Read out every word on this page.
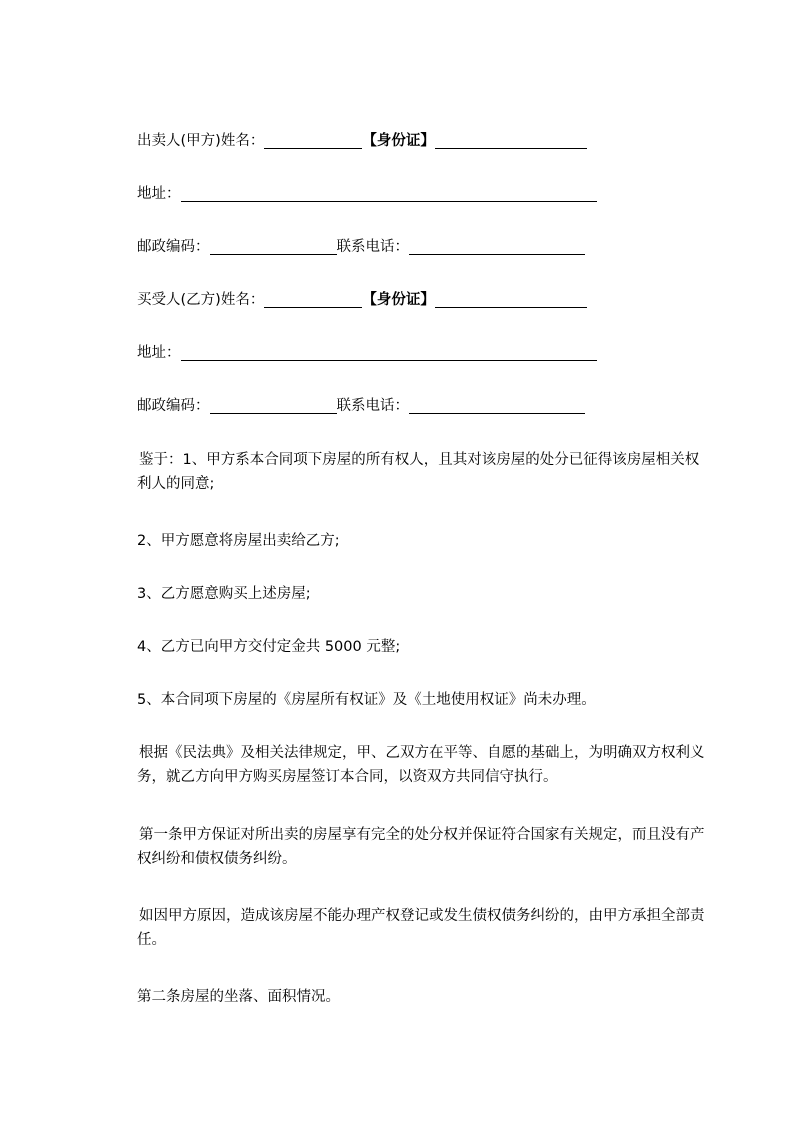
出卖人(甲方)姓名：	【身份证】
地址：
邮政编码：	联系电话：
买受人(乙方)姓名：	【身份证】
地址：
邮政编码：	联系电话：
鉴于：1、甲方系本合同项下房屋的所有权人，且其对该房屋的处分已征得该房屋相关权利人的同意;
2、甲方愿意将房屋出卖给乙方;
3、乙方愿意购买上述房屋;
4、乙方已向甲方交付定金共 5000 元整;
5、本合同项下房屋的《房屋所有权证》及《土地使用权证》尚未办理。
根据《民法典》及相关法律规定，甲、乙双方在平等、自愿的基础上，为明确双方权利义务，就乙方向甲方购买房屋签订本合同，以资双方共同信守执行。
第一条甲方保证对所出卖的房屋享有完全的处分权并保证符合国家有关规定，而且没有产权纠纷和债权债务纠纷。
如因甲方原因，造成该房屋不能办理产权登记或发生债权债务纠纷的，由甲方承担全部责任。
第二条房屋的坐落、面积情况。
